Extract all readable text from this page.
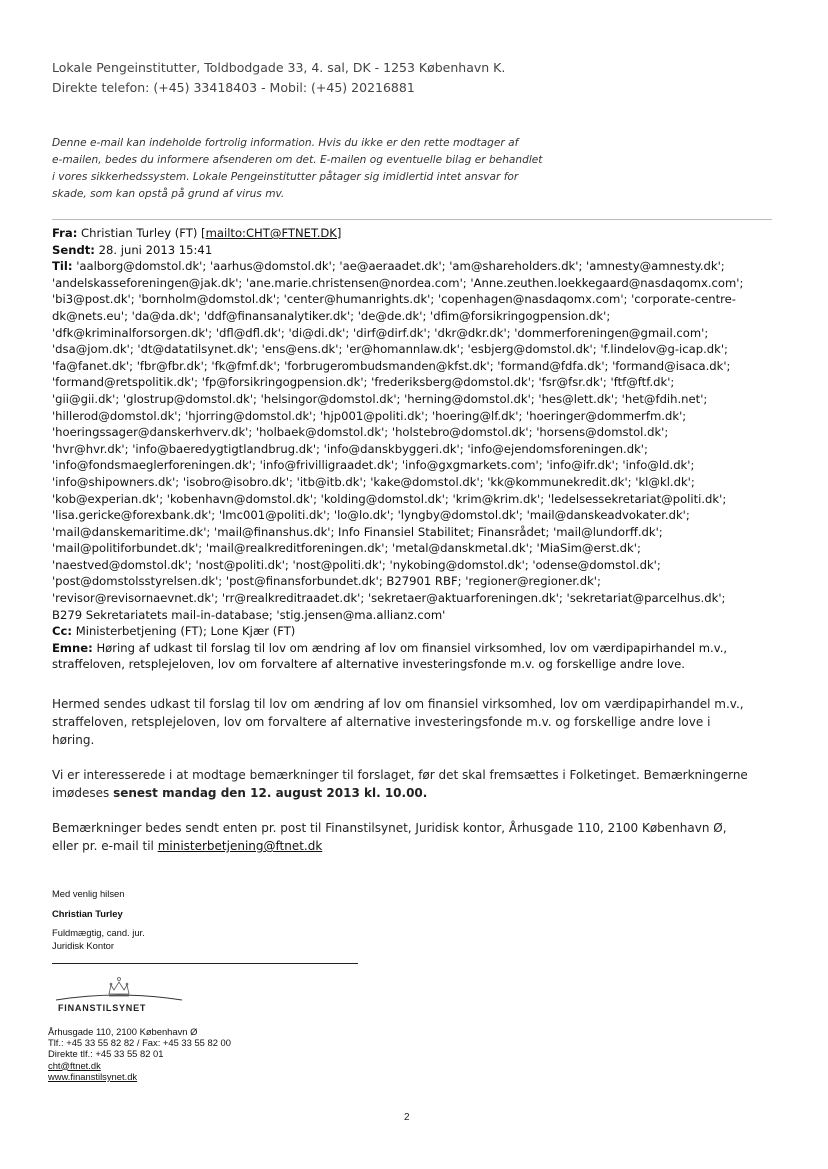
Lokale Pengeinstitutter, Toldbodgade 33, 4. sal, DK - 1253 København K.
Direkte telefon: (+45) 33418403 - Mobil: (+45) 20216881
Denne e-mail kan indeholde fortrolig information. Hvis du ikke er den rette modtager af
e-mailen, bedes du informere afsenderen om det. E-mailen og eventuelle bilag er behandlet
i vores sikkerhedssystem. Lokale Pengeinstitutter påtager sig imidlertid intet ansvar for
skade, som kan opstå på grund af virus mv.
Fra: Christian Turley (FT) [mailto:CHT@FTNET.DK]
Sendt: 28. juni 2013 15:41
Til: 'aalborg@domstol.dk'; 'aarhus@domstol.dk'; 'ae@aeraadet.dk'; 'am@shareholders.dk'; 'amnesty@amnesty.dk';
'andelskasseforeningen@jak.dk'; 'ane.marie.christensen@nordea.com'; 'Anne.zeuthen.loekkegaard@nasdaqomx.com';
'bi3@post.dk'; 'bornholm@domstol.dk'; 'center@humanrights.dk'; 'copenhagen@nasdaqomx.com'; 'corporate-centre-
dk@nets.eu'; 'da@da.dk'; 'ddf@finansanalytiker.dk'; 'de@de.dk'; 'dfim@forsikringogpension.dk';
'dfk@kriminalforsorgen.dk'; 'dfl@dfl.dk'; 'di@di.dk'; 'dirf@dirf.dk'; 'dkr@dkr.dk'; 'dommerforeningen@gmail.com';
'dsa@jom.dk'; 'dt@datatilsynet.dk'; 'ens@ens.dk'; 'er@homannlaw.dk'; 'esbjerg@domstol.dk'; 'f.lindelov@g-icap.dk';
'fa@fanet.dk'; 'fbr@fbr.dk'; 'fk@fmf.dk'; 'forbrugerombudsmanden@kfst.dk'; 'formand@fdfa.dk'; 'formand@isaca.dk';
'formand@retspolitik.dk'; 'fp@forsikringogpension.dk'; 'frederiksberg@domstol.dk'; 'fsr@fsr.dk'; 'ftf@ftf.dk';
'gii@gii.dk'; 'glostrup@domstol.dk'; 'helsingor@domstol.dk'; 'herning@domstol.dk'; 'hes@lett.dk'; 'het@fdih.net';
'hillerod@domstol.dk'; 'hjorring@domstol.dk'; 'hjp001@politi.dk'; 'hoering@lf.dk'; 'hoeringer@dommerfm.dk';
'hoeringssager@danskerhverv.dk'; 'holbaek@domstol.dk'; 'holstebro@domstol.dk'; 'horsens@domstol.dk';
'hvr@hvr.dk'; 'info@baeredygtigtlandbrug.dk'; 'info@danskbyggeri.dk'; 'info@ejendomsforeningen.dk';
'info@fondsmaeglerforeningen.dk'; 'info@frivilligraadet.dk'; 'info@gxgmarkets.com'; 'info@ifr.dk'; 'info@ld.dk';
'info@shipowners.dk'; 'isobro@isobro.dk'; 'itb@itb.dk'; 'kake@domstol.dk'; 'kk@kommunekredit.dk'; 'kl@kl.dk';
'kob@experian.dk'; 'kobenhavn@domstol.dk'; 'kolding@domstol.dk'; 'krim@krim.dk'; 'ledelsessekretariat@politi.dk';
'lisa.gericke@forexbank.dk'; 'lmc001@politi.dk'; 'lo@lo.dk'; 'lyngby@domstol.dk'; 'mail@danskeadvokater.dk';
'mail@danskemaritime.dk'; 'mail@finanshus.dk'; Info Finansiel Stabilitet; Finansrådet; 'mail@lundorff.dk';
'mail@politiforbundet.dk'; 'mail@realkreditforeningen.dk'; 'metal@danskmetal.dk'; 'MiaSim@erst.dk';
'naestved@domstol.dk'; 'nost@politi.dk'; 'nost@politi.dk'; 'nykobing@domstol.dk'; 'odense@domstol.dk';
'post@domstolsstyrelsen.dk'; 'post@finansforbundet.dk'; B27901 RBF; 'regioner@regioner.dk';
'revisor@revisornaevnet.dk'; 'rr@realkreditraadet.dk'; 'sekretaer@aktuarforeningen.dk'; 'sekretariat@parcelhus.dk';
B279 Sekretariatets mail-in-database; 'stig.jensen@ma.allianz.com'
Cc: Ministerbetjening (FT); Lone Kjær (FT)
Emne: Høring af udkast til forslag til lov om ændring af lov om finansiel virksomhed, lov om værdipapirhandel m.v.,
straffeloven, retsplejeloven, lov om forvaltere af alternative investeringsfonde m.v. og forskellige andre love.

Hermed sendes udkast til forslag til lov om ændring af lov om finansiel virksomhed, lov om værdipapirhandel m.v.,
straffeloven, retsplejeloven, lov om forvaltere af alternative investeringsfonde m.v. og forskellige andre love i
høring.

Vi er interesserede i at modtage bemærkninger til forslaget, før det skal fremsættes i Folketinget. Bemærkningerne
imødeses senest mandag den 12. august 2013 kl. 10.00.

Bemærkninger bedes sendt enten pr. post til Finanstilsynet, Juridisk kontor, Århusgade 110, 2100 København Ø,
eller pr. e-mail til ministerbetjening@ftnet.dk

Med venlig hilsen
Christian Turley
Fuldmægtig, cand. jur.
Juridisk Kontor
FINANSTILSYNET
Århusgade 110, 2100 København Ø
Tlf.: +45 33 55 82 82 / Fax: +45 33 55 82 00
Direkte tlf.: +45 33 55 82 01
cht@ftnet.dk
www.finanstilsynet.dk
2
